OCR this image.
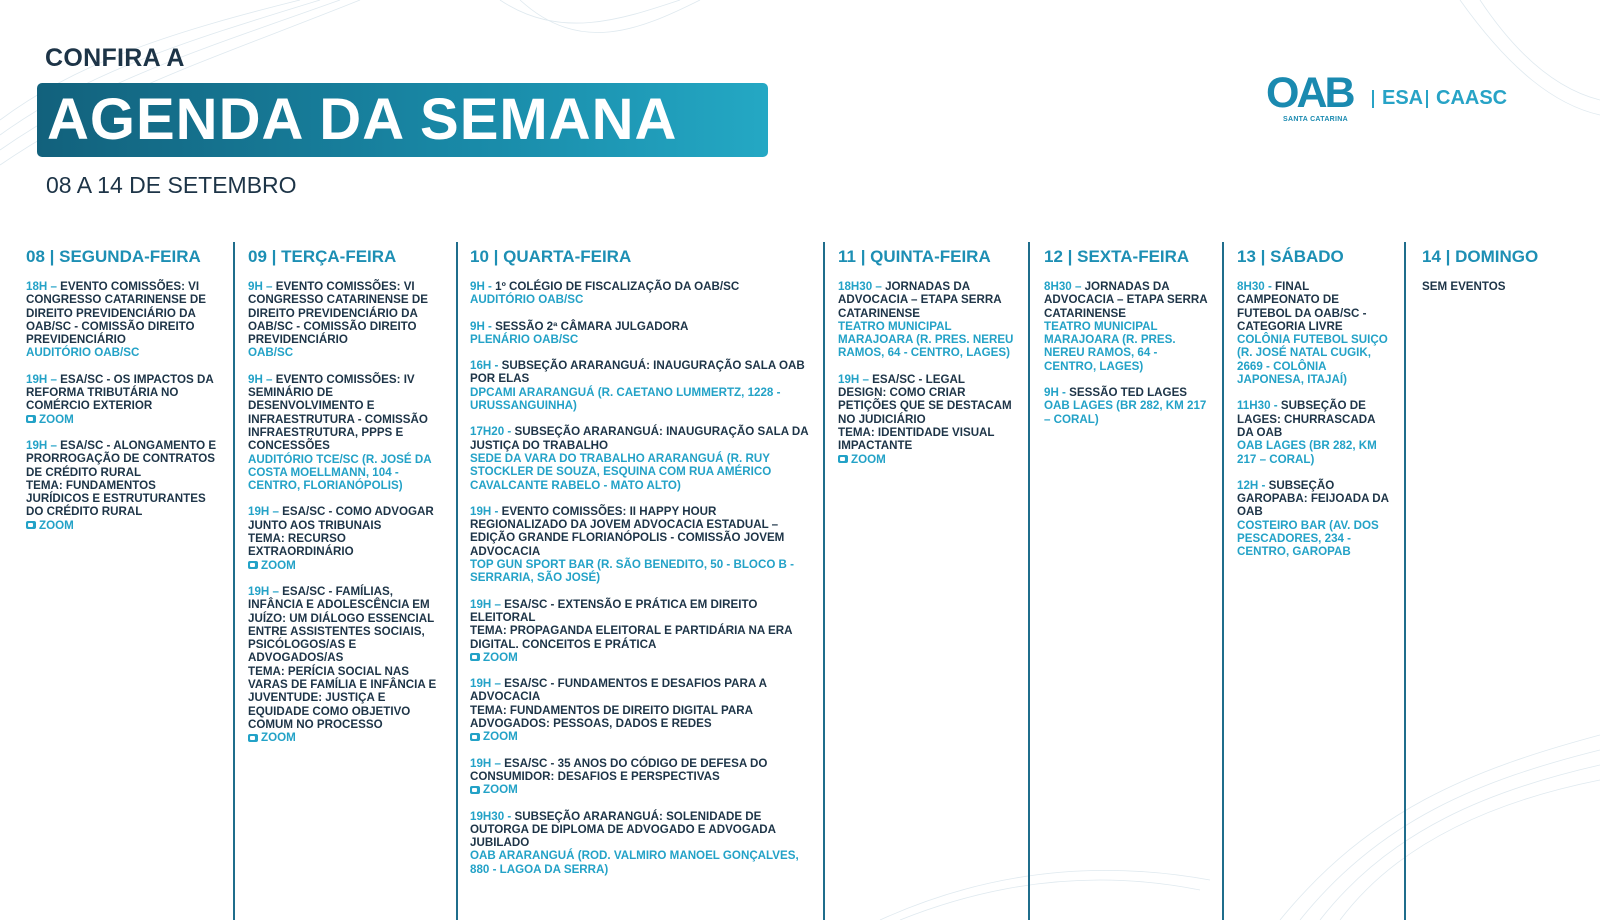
CONFIRA A
AGENDA DA SEMANA
08 A 14 DE SETEMBRO
OAB
SANTA CATARINA
ESA CAASC
08 | SEGUNDA-FEIRA
18H – EVENTO COMISSÕES: VI CONGRESSO CATARINENSE DE DIREITO PREVIDENCIÁRIO DA OAB/SC - COMISSÃO DIREITO PREVIDENCIÁRIO
AUDITÓRIO OAB/SC
19H – ESA/SC - OS IMPACTOS DA REFORMA TRIBUTÁRIA NO COMÉRCIO EXTERIOR
ZOOM
19H – ESA/SC - ALONGAMENTO E PRORROGAÇÃO DE CONTRATOS DE CRÉDITO RURAL
TEMA: FUNDAMENTOS JURÍDICOS E ESTRUTURANTES DO CRÉDITO RURAL
ZOOM
09 | TERÇA-FEIRA
9H – EVENTO COMISSÕES: VI CONGRESSO CATARINENSE DE DIREITO PREVIDENCIÁRIO DA OAB/SC - COMISSÃO DIREITO PREVIDENCIÁRIO
OAB/SC
9H – EVENTO COMISSÕES: IV SEMINÁRIO DE DESENVOLVIMENTO E INFRAESTRUTURA - COMISSÃO INFRAESTRUTURA, PPPS E CONCESSÕES
AUDITÓRIO TCE/SC (R. JOSÉ DA COSTA MOELLMANN, 104 - CENTRO, FLORIANÓPOLIS)
19H – ESA/SC - COMO ADVOGAR JUNTO AOS TRIBUNAIS
TEMA: RECURSO EXTRAORDINÁRIO
ZOOM
19H – ESA/SC - FAMÍLIAS, INFÂNCIA E ADOLESCÊNCIA EM JUÍZO: UM DIÁLOGO ESSENCIAL ENTRE ASSISTENTES SOCIAIS, PSICÓLOGOS/AS E ADVOGADOS/AS
TEMA: PERÍCIA SOCIAL NAS VARAS DE FAMÍLIA E INFÂNCIA E JUVENTUDE: JUSTIÇA E EQUIDADE COMO OBJETIVO COMUM NO PROCESSO
ZOOM
10 | QUARTA-FEIRA
9H - 1º COLÉGIO DE FISCALIZAÇÃO DA OAB/SC
AUDITÓRIO OAB/SC
9H - SESSÃO 2ª CÂMARA JULGADORA
PLENÁRIO OAB/SC
16H - SUBSEÇÃO ARARANGUÁ: INAUGURAÇÃO SALA OAB POR ELAS
DPCAMI ARARANGUÁ (R. CAETANO LUMMERTZ, 1228 - URUSSANGUINHA)
17H20 - SUBSEÇÃO ARARANGUÁ: INAUGURAÇÃO SALA DA JUSTIÇA DO TRABALHO
SEDE DA VARA DO TRABALHO ARARANGUÁ (R. RUY STOCKLER DE SOUZA, ESQUINA COM RUA AMÉRICO CAVALCANTE RABELO - MATO ALTO)
19H - EVENTO COMISSÕES: II HAPPY HOUR REGIONALIZADO DA JOVEM ADVOCACIA ESTADUAL – EDIÇÃO GRANDE FLORIANÓPOLIS - COMISSÃO JOVEM ADVOCACIA
TOP GUN SPORT BAR (R. SÃO BENEDITO, 50 - BLOCO B - SERRARIA, SÃO JOSÉ)
19H – ESA/SC - EXTENSÃO E PRÁTICA EM DIREITO ELEITORAL
TEMA: PROPAGANDA ELEITORAL E PARTIDÁRIA NA ERA DIGITAL. CONCEITOS E PRÁTICA
ZOOM
19H – ESA/SC - FUNDAMENTOS E DESAFIOS PARA A ADVOCACIA
TEMA: FUNDAMENTOS DE DIREITO DIGITAL PARA ADVOGADOS: PESSOAS, DADOS E REDES
ZOOM
19H – ESA/SC - 35 ANOS DO CÓDIGO DE DEFESA DO CONSUMIDOR: DESAFIOS E PERSPECTIVAS
ZOOM
19H30 - SUBSEÇÃO ARARANGUÁ: SOLENIDADE DE OUTORGA DE DIPLOMA DE ADVOGADO E ADVOGADA JUBILADO
OAB ARARANGUÁ (ROD. VALMIRO MANOEL GONÇALVES, 880 - LAGOA DA SERRA)
11 | QUINTA-FEIRA
18H30 – JORNADAS DA ADVOCACIA – ETAPA SERRA CATARINENSE
TEATRO MUNICIPAL MARAJOARA (R. PRES. NEREU RAMOS, 64 - CENTRO, LAGES)
19H – ESA/SC - LEGAL DESIGN: COMO CRIAR PETIÇÕES QUE SE DESTACAM NO JUDICIÁRIO
TEMA: IDENTIDADE VISUAL IMPACTANTE
ZOOM
12 | SEXTA-FEIRA
8H30 – JORNADAS DA ADVOCACIA – ETAPA SERRA CATARINENSE
TEATRO MUNICIPAL MARAJOARA (R. PRES. NEREU RAMOS, 64 - CENTRO, LAGES)
9H - SESSÃO TED LAGES
OAB LAGES (BR 282, KM 217 – CORAL)
13 | SÁBADO
8H30 - FINAL CAMPEONATO DE FUTEBOL DA OAB/SC - CATEGORIA LIVRE
COLÔNIA FUTEBOL SUIÇO (R. JOSÉ NATAL CUGIK, 2669 - COLÔNIA JAPONESA, ITAJAÍ)
11H30 - SUBSEÇÃO DE LAGES: CHURRASCADA DA OAB
OAB LAGES (BR 282, KM 217 – CORAL)
12H - SUBSEÇÃO GAROPABA: FEIJOADA DA OAB
COSTEIRO BAR (AV. DOS PESCADORES, 234 - CENTRO, GAROPAB
14 | DOMINGO
SEM EVENTOS
